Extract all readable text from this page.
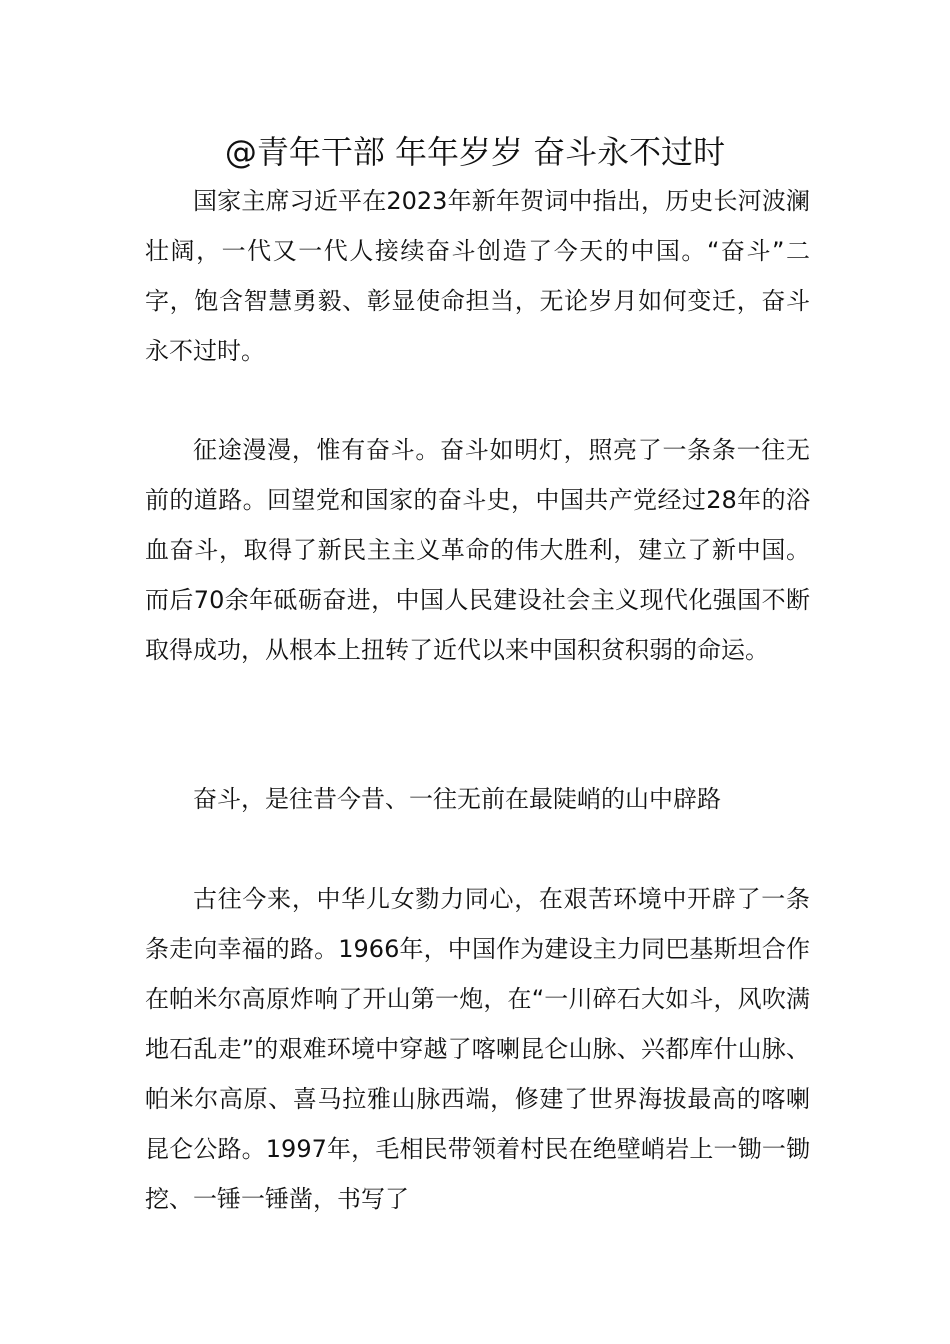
@青年干部 年年岁岁 奋斗永不过时

国家主席习近平在2023年新年贺词中指出，历史长河波澜壮阔，一代又一代人接续奋斗创造了今天的中国。“奋斗”二字，饱含智慧勇毅、彰显使命担当，无论岁月如何变迁，奋斗永不过时。

征途漫漫，惟有奋斗。奋斗如明灯，照亮了一条条一往无前的道路。回望党和国家的奋斗史，中国共产党经过28年的浴血奋斗，取得了新民主主义革命的伟大胜利，建立了新中国。而后70余年砥砺奋进，中国人民建设社会主义现代化强国不断取得成功，从根本上扭转了近代以来中国积贫积弱的命运。

奋斗，是往昔今昔、一往无前在最陡峭的山中辟路

古往今来，中华儿女勠力同心，在艰苦环境中开辟了一条条走向幸福的路。1966年，中国作为建设主力同巴基斯坦合作在帕米尔高原炸响了开山第一炮，在“一川碎石大如斗，风吹满地石乱走”的艰难环境中穿越了喀喇昆仑山脉、兴都库什山脉、帕米尔高原、喜马拉雅山脉西端，修建了世界海拔最高的喀喇昆仑公路。1997年，毛相民带领着村民在绝壁峭岩上一锄一锄挖、一锤一锤凿，书写了
